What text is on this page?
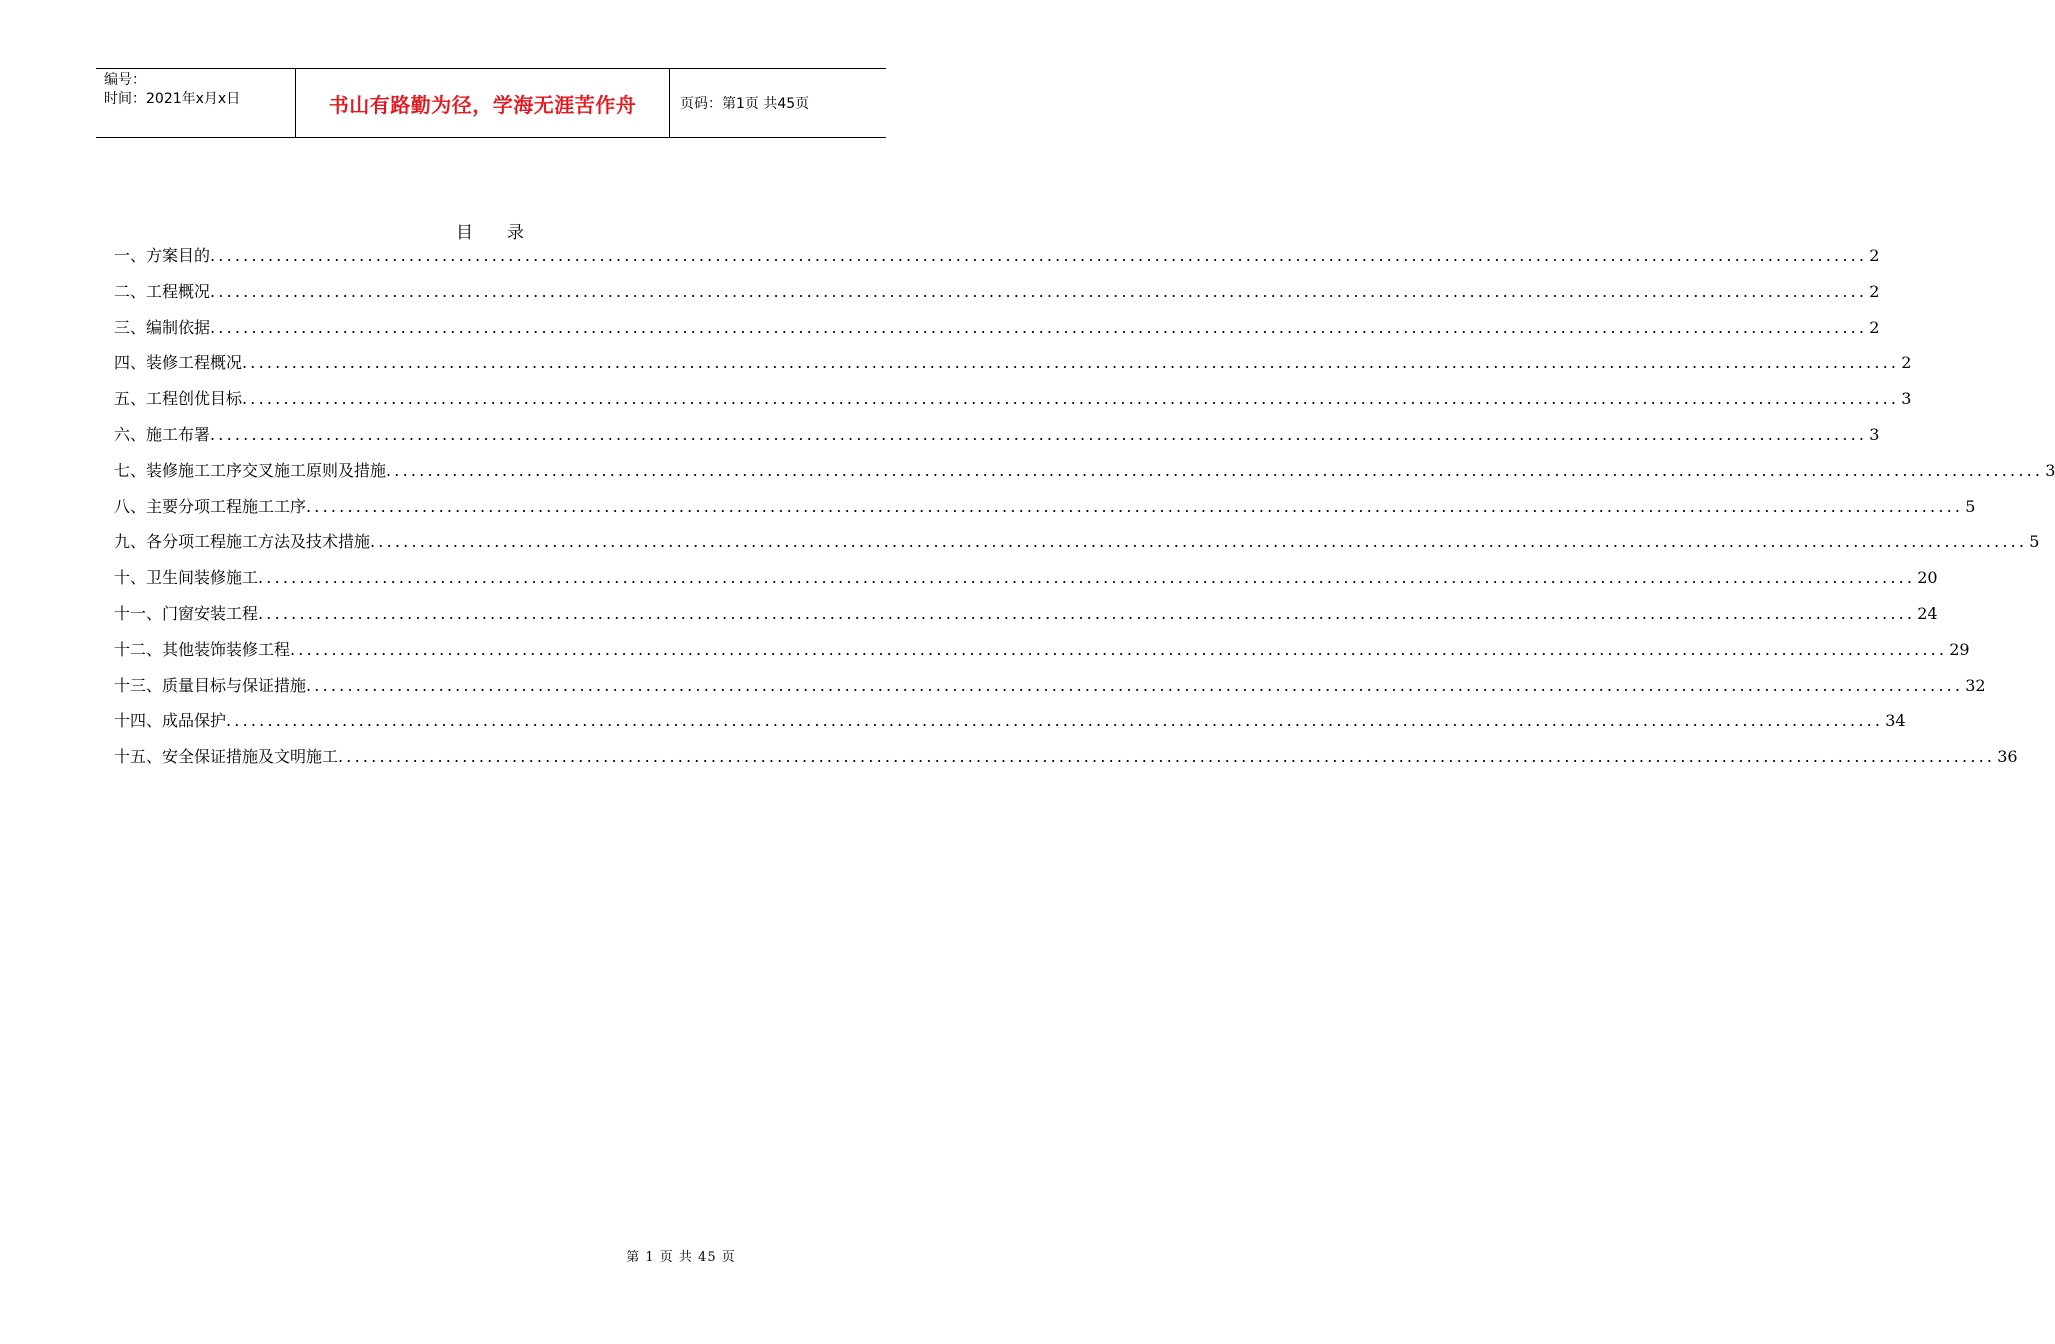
编号：
时间：2021年x月x日	书山有路勤为径，学海无涯苦作舟	页码：第1页 共45页
目 录
一、方案目的 ........................................................................................................................................................................................................ 2
二、工程概况 ........................................................................................................................................................................................................ 2
三、编制依据 ........................................................................................................................................................................................................ 2
四、装修工程概况 ........................................................................................................................................................................................................ 2
五、工程创优目标 ........................................................................................................................................................................................................ 3
六、施工布署 ........................................................................................................................................................................................................ 3
七、装修施工工序交叉施工原则及措施 ........................................................................................................................................................................................................ 3
八、主要分项工程施工工序 ........................................................................................................................................................................................................ 5
九、各分项工程施工方法及技术措施 ........................................................................................................................................................................................................ 5
十、卫生间装修施工 ........................................................................................................................................................................................................ 20
十一、门窗安装工程 ........................................................................................................................................................................................................ 24
十二、其他装饰装修工程 ........................................................................................................................................................................................................ 29
十三、质量目标与保证措施 ........................................................................................................................................................................................................ 32
十四、成品保护 ........................................................................................................................................................................................................ 34
十五、安全保证措施及文明施工 ........................................................................................................................................................................................................ 36
第 1 页 共 45 页
